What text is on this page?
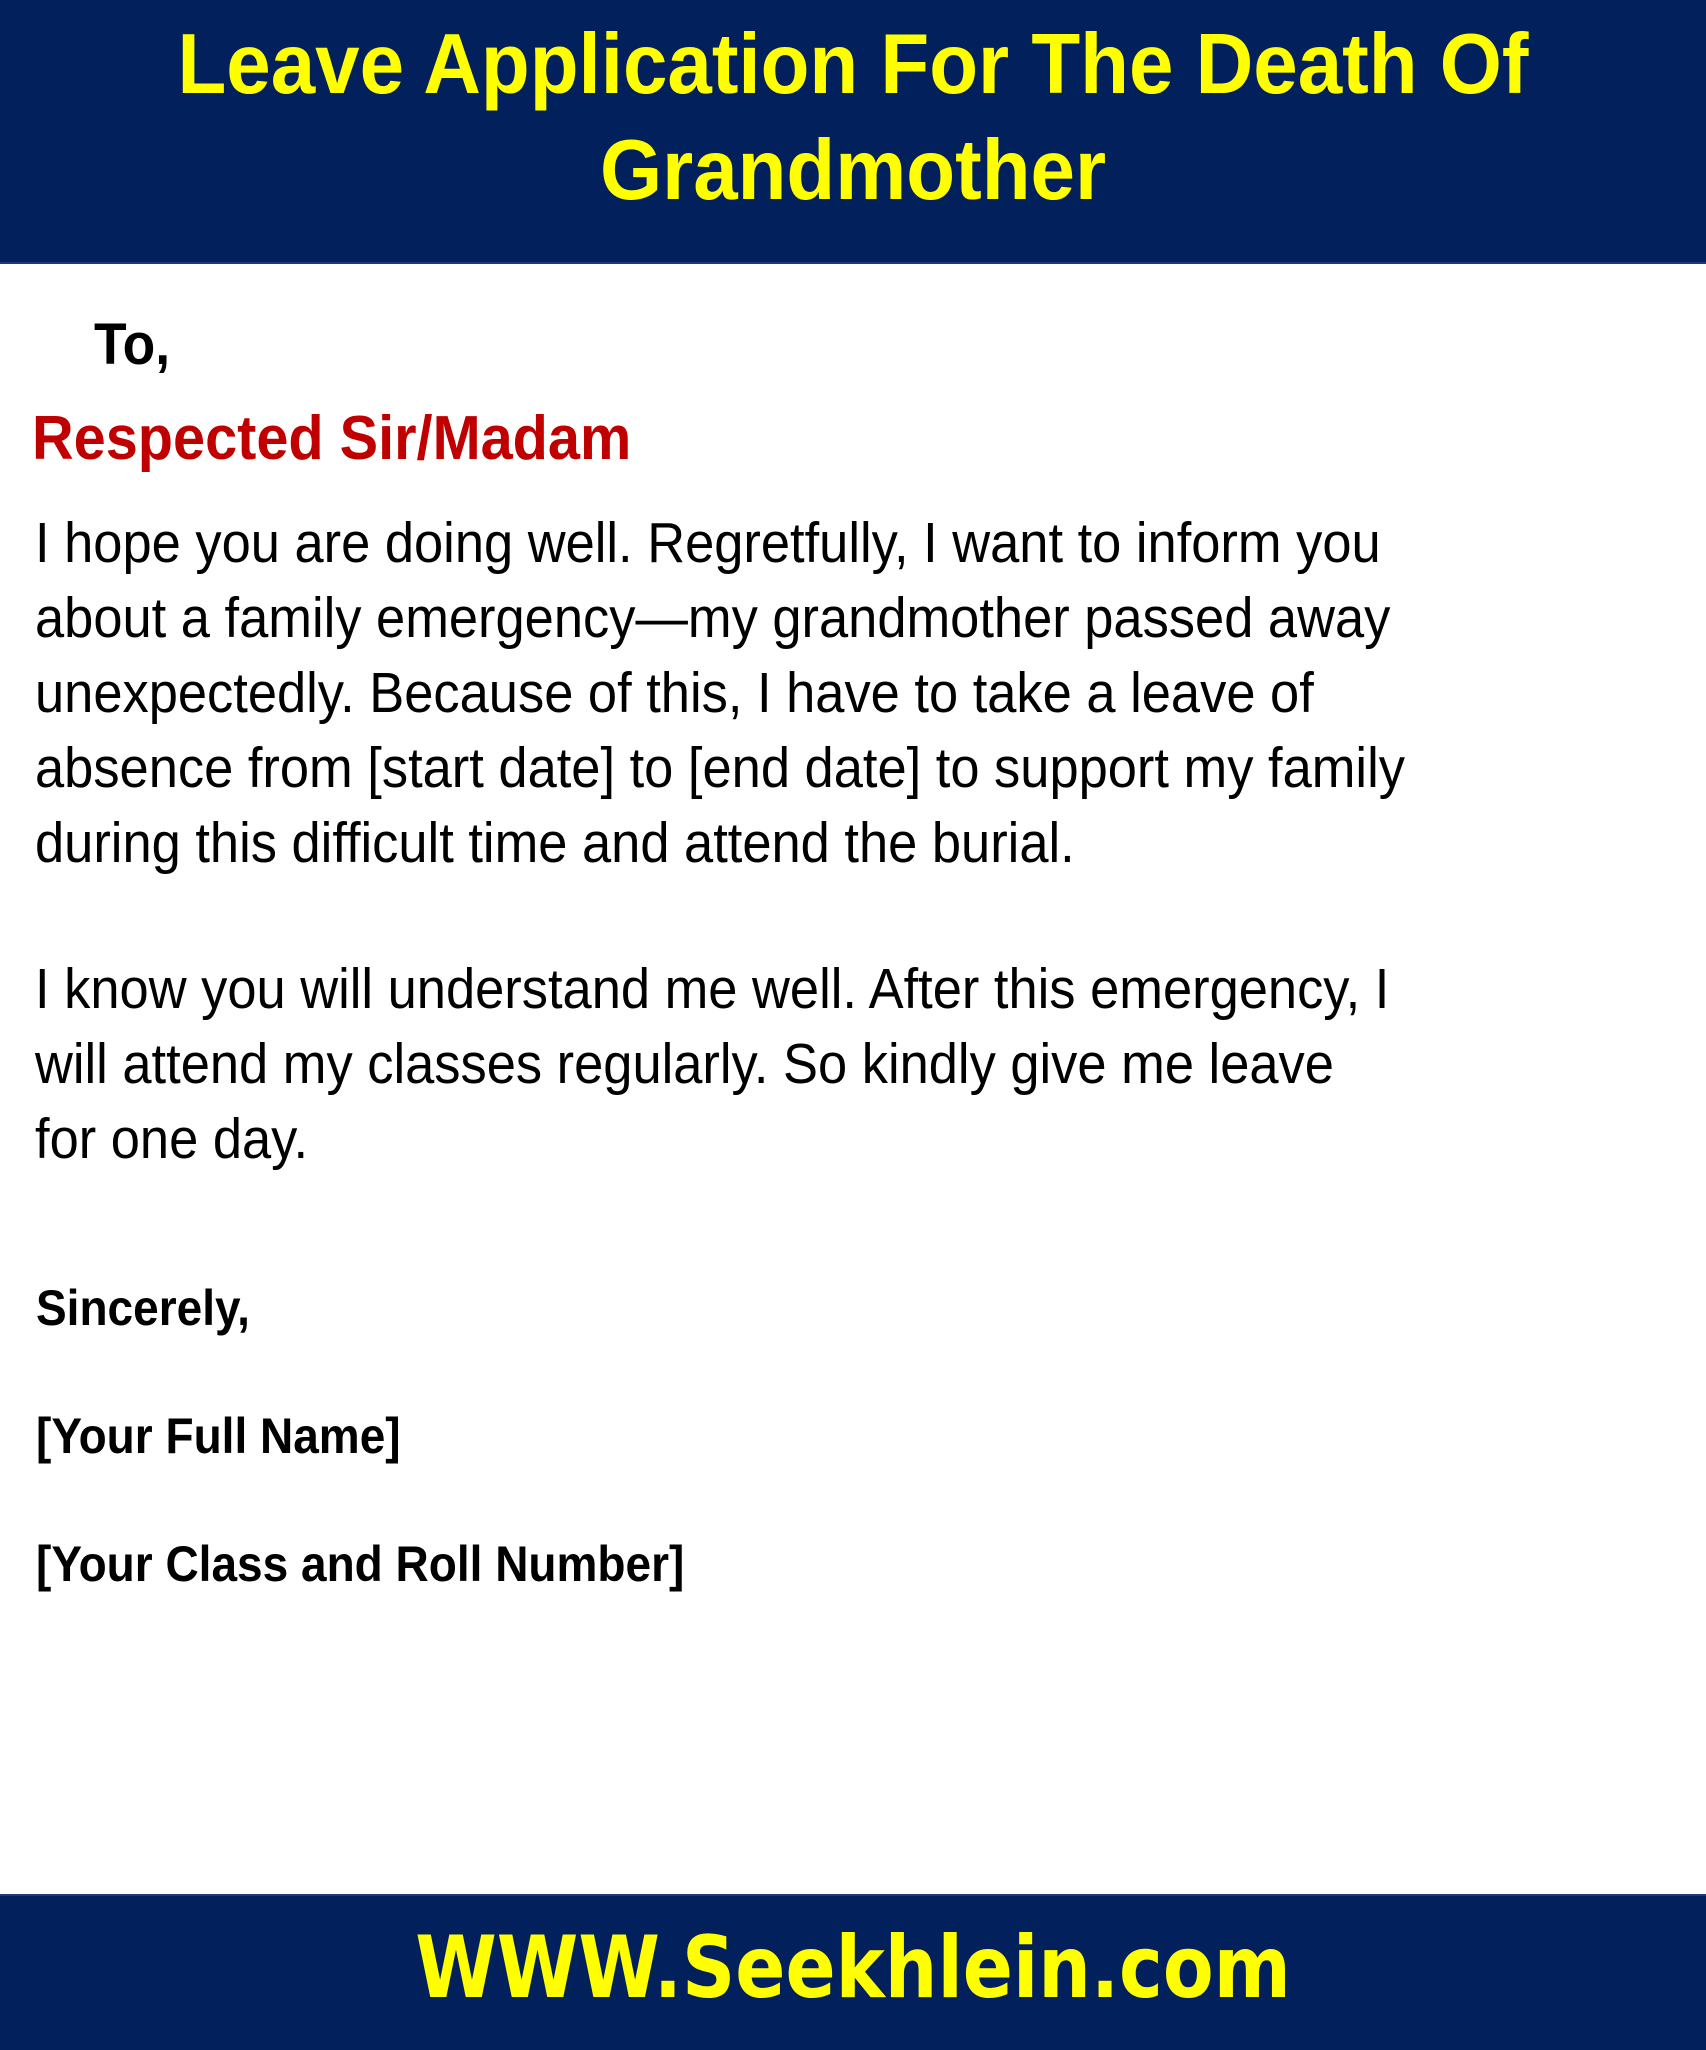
Leave Application For The Death Of
Grandmother

To,

Respected Sir/Madam

I hope you are doing well. Regretfully, I want to inform you
about a family emergency—my grandmother passed away
unexpectedly. Because of this, I have to take a leave of
absence from [start date] to [end date] to support my family
during this difficult time and attend the burial.

I know you will understand me well. After this emergency, I
will attend my classes regularly. So kindly give me leave
for one day.

Sincerely,

[Your Full Name]

[Your Class and Roll Number]

WWW.Seekhlein.com
